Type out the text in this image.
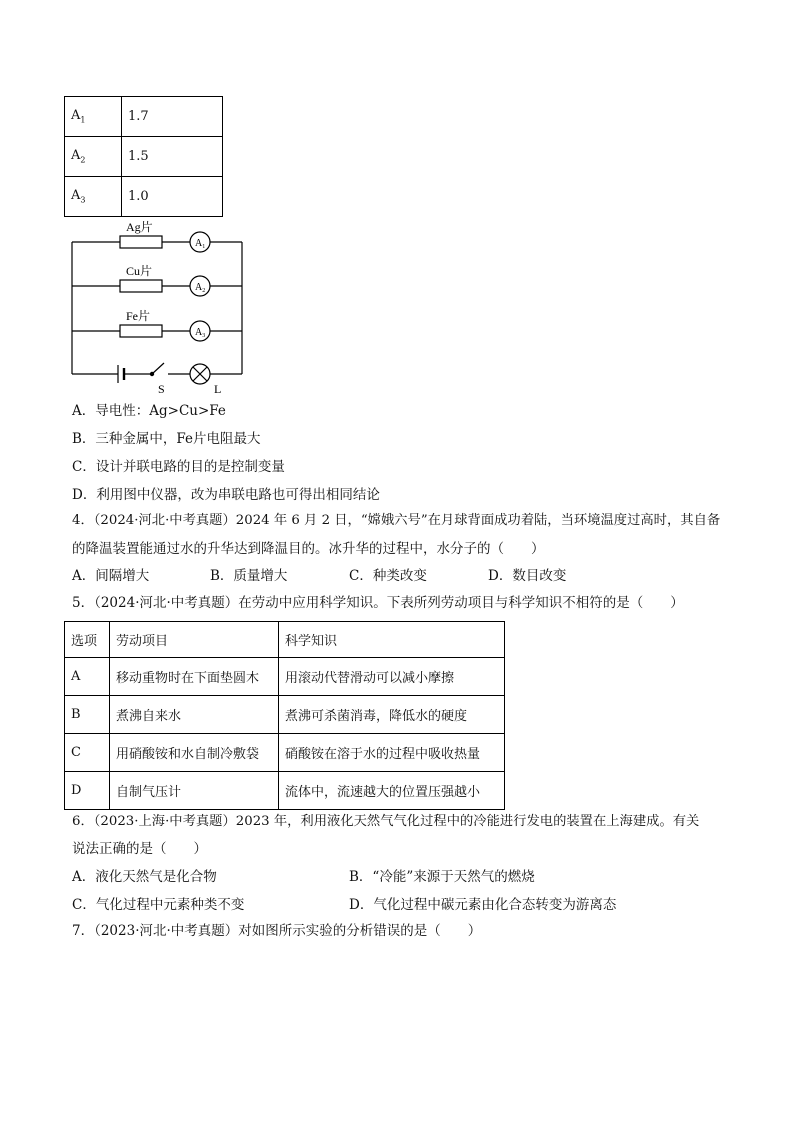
$A_1$	1.7
$A_2$	1.5
$A_3$	1.0
Ag片
Cu片
Fe片
$A_1$
$A_2$
$A_3$
S	L
A．导电性：Ag>Cu>Fe
B．三种金属中，Fe片电阻最大
C．设计并联电路的目的是控制变量
D．利用图中仪器，改为串联电路也可得出相同结论
4．（2024·河北·中考真题）2024 年 6 月 2 日，“嫦娥六号”在月球背面成功着陆，当环境温度过高时，其自备
的降温装置能通过水的升华达到降温目的。冰升华的过程中，水分子的（　　）
A．间隔增大	B．质量增大	C．种类改变	D．数目改变
5．（2024·河北·中考真题）在劳动中应用科学知识。下表所列劳动项目与科学知识不相符的是（　　）
选项	劳动项目	科学知识
A	移动重物时在下面垫圆木	用滚动代替滑动可以减小摩擦
B	煮沸自来水	煮沸可杀菌消毒，降低水的硬度
C	用硝酸铵和水自制冷敷袋	硝酸铵在溶于水的过程中吸收热量
D	自制气压计	流体中，流速越大的位置压强越小
6．（2023·上海·中考真题）2023 年，利用液化天然气气化过程中的冷能进行发电的装置在上海建成。有关
说法正确的是（　　）
A．液化天然气是化合物	B．“冷能”来源于天然气的燃烧
C．气化过程中元素种类不变	D．气化过程中碳元素由化合态转变为游离态
7．（2023·河北·中考真题）对如图所示实验的分析错误的是（　　）
